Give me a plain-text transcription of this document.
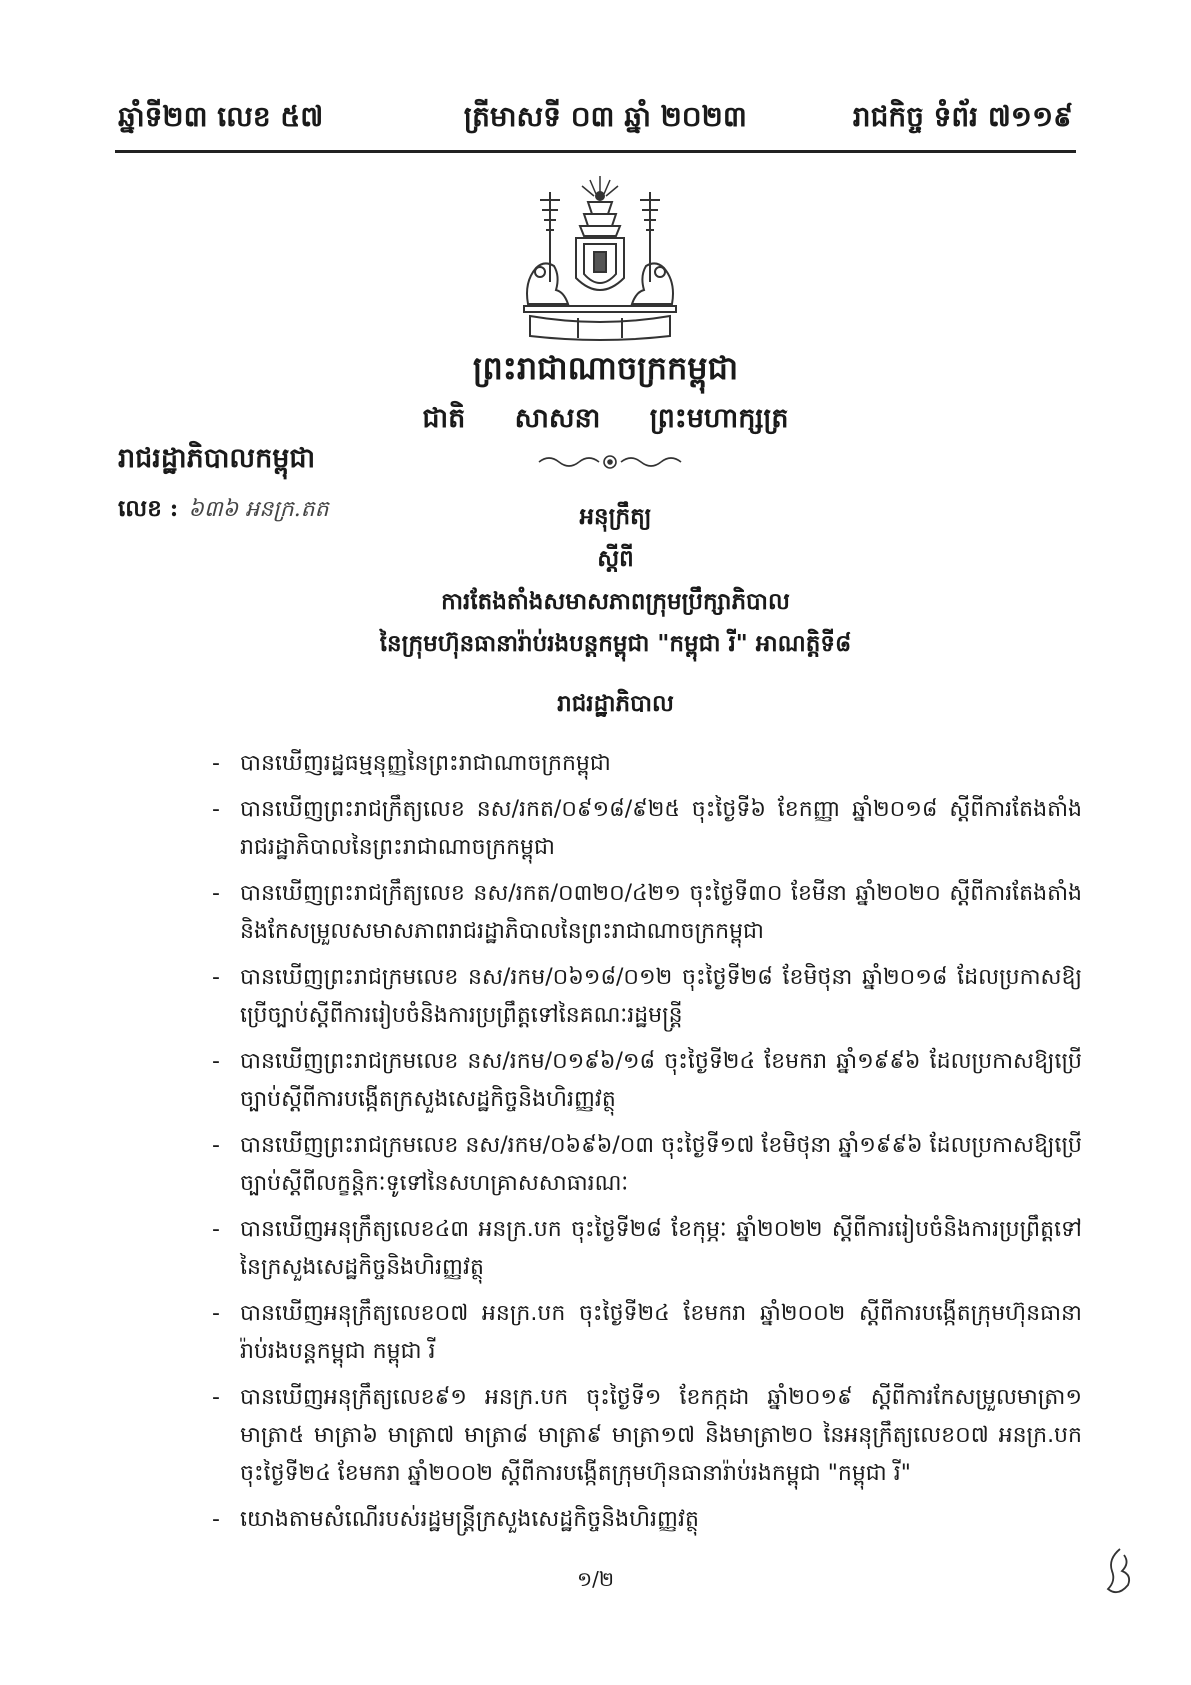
ឆ្នាំទី២៣ លេខ ៥៧	ត្រីមាសទី ០៣ ឆ្នាំ ២០២៣	រាជកិច្ច ទំព័រ ៧១១៩
ព្រះរាជាណាចក្រកម្ពុជា
ជាតិ សាសនា ព្រះមហាក្សត្រ
រាជរដ្ឋាភិបាលកម្ពុជា
លេខ : ៦៣៦ អនក្រ.តត	អនុក្រឹត្យ
ស្តីពី
ការតែងតាំងសមាសភាពក្រុមប្រឹក្សាភិបាល
នៃក្រុមហ៊ុនធានារ៉ាប់រងបន្តកម្ពុជា "កម្ពុជា រី" អាណត្តិទី៨
រាជរដ្ឋាភិបាល
- បានឃើញរដ្ឋធម្មនុញ្ញនៃព្រះរាជាណាចក្រកម្ពុជា
- បានឃើញព្រះរាជក្រឹត្យលេខ នស/រកត/០៩១៨/៩២៥ ចុះថ្ងៃទី៦ ខែកញ្ញា ឆ្នាំ២០១៨ ស្តីពីការតែងតាំងរាជរដ្ឋាភិបាលនៃព្រះរាជាណាចក្រកម្ពុជា
- បានឃើញព្រះរាជក្រឹត្យលេខ នស/រកត/០៣២០/៤២១ ចុះថ្ងៃទី៣០ ខែមីនា ឆ្នាំ២០២០ ស្តីពីការតែងតាំងនិងកែសម្រួលសមាសភាពរាជរដ្ឋាភិបាលនៃព្រះរាជាណាចក្រកម្ពុជា
- បានឃើញព្រះរាជក្រមលេខ នស/រកម/០៦១៨/០១២ ចុះថ្ងៃទី២៨ ខែមិថុនា ឆ្នាំ២០១៨ ដែលប្រកាសឱ្យប្រើច្បាប់ស្តីពីការរៀបចំនិងការប្រព្រឹត្តទៅនៃគណៈរដ្ឋមន្ត្រី
- បានឃើញព្រះរាជក្រមលេខ នស/រកម/០១៩៦/១៨ ចុះថ្ងៃទី២៤ ខែមករា ឆ្នាំ១៩៩៦ ដែលប្រកាសឱ្យប្រើច្បាប់ស្តីពីការបង្កើតក្រសួងសេដ្ឋកិច្ចនិងហិរញ្ញវត្ថុ
- បានឃើញព្រះរាជក្រមលេខ នស/រកម/០៦៩៦/០៣ ចុះថ្ងៃទី១៧ ខែមិថុនា ឆ្នាំ១៩៩៦ ដែលប្រកាសឱ្យប្រើច្បាប់ស្តីពីលក្ខន្តិកៈទូទៅនៃសហគ្រាសសាធារណៈ
- បានឃើញអនុក្រឹត្យលេខ៤៣ អនក្រ.បក ចុះថ្ងៃទី២៨ ខែកុម្ភៈ ឆ្នាំ២០២២ ស្តីពីការរៀបចំនិងការប្រព្រឹត្តទៅនៃក្រសួងសេដ្ឋកិច្ចនិងហិរញ្ញវត្ថុ
- បានឃើញអនុក្រឹត្យលេខ០៧ អនក្រ.បក ចុះថ្ងៃទី២៤ ខែមករា ឆ្នាំ២០០២ ស្តីពីការបង្កើតក្រុមហ៊ុនធានារ៉ាប់រងបន្តកម្ពុជា កម្ពុជា រី
- បានឃើញអនុក្រឹត្យលេខ៩១ អនក្រ.បក ចុះថ្ងៃទី១ ខែកក្កដា ឆ្នាំ២០១៩ ស្តីពីការកែសម្រួលមាត្រា១ មាត្រា៥ មាត្រា៦ មាត្រា៧ មាត្រា៨ មាត្រា៩ មាត្រា១៧ និងមាត្រា២០ នៃអនុក្រឹត្យលេខ០៧ អនក្រ.បក ចុះថ្ងៃទី២៤ ខែមករា ឆ្នាំ២០០២ ស្តីពីការបង្កើតក្រុមហ៊ុនធានារ៉ាប់រងកម្ពុជា "កម្ពុជា រី"
- យោងតាមសំណើរបស់រដ្ឋមន្ត្រីក្រសួងសេដ្ឋកិច្ចនិងហិរញ្ញវត្ថុ
១/២
